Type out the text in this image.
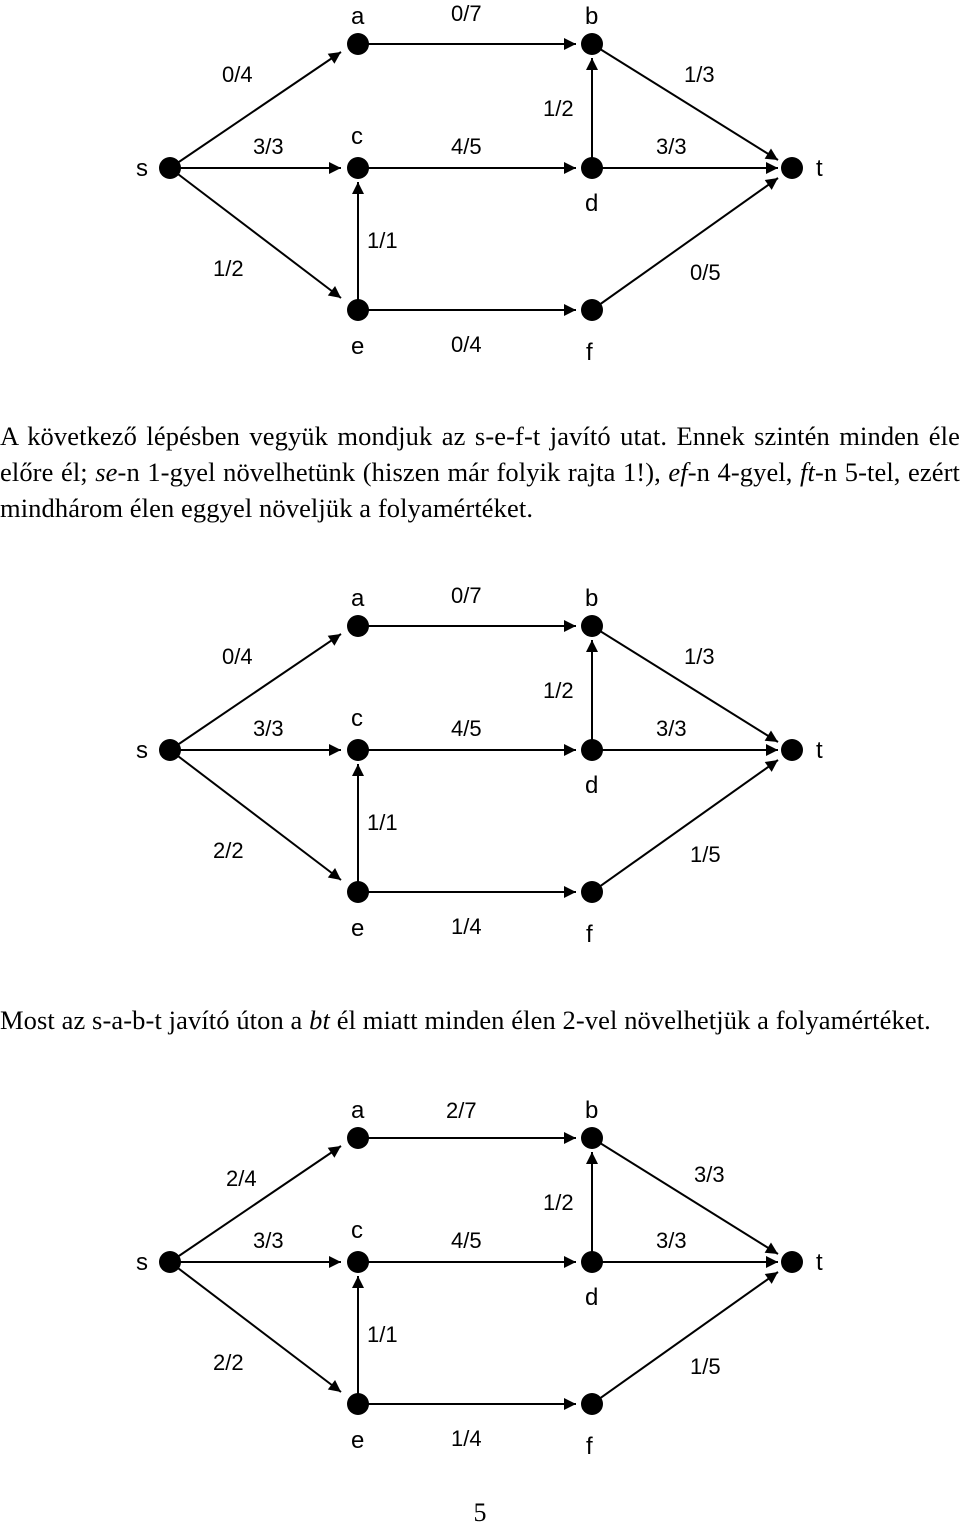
s
a	b
c
d
e	f
t
0/4
3/3
1/2
0/7
4/5
1/1
1/2
1/3
3/3
0/4
0/5

A következő lépésben vegyük mondjuk az s-e-f-t javító utat. Ennek szintén minden éle előre él; se-n 1-gyel növelhetünk (hiszen már folyik rajta 1!), ef-n 4-gyel, ft-n 5-tel, ezért mindhárom élen eggyel növeljük a folyamértéket.

s
a	b
c
d
e	f
t
0/4
3/3
2/2
0/7
4/5
1/1
1/2
1/3
3/3
1/4
1/5

Most az s-a-b-t javító úton a bt él miatt minden élen 2-vel növelhetjük a folyamértéket.

s
a	b
c
d
e	f
t
2/4
3/3
2/2
2/7
4/5
1/1
1/2
3/3
3/3
1/4
1/5
5
